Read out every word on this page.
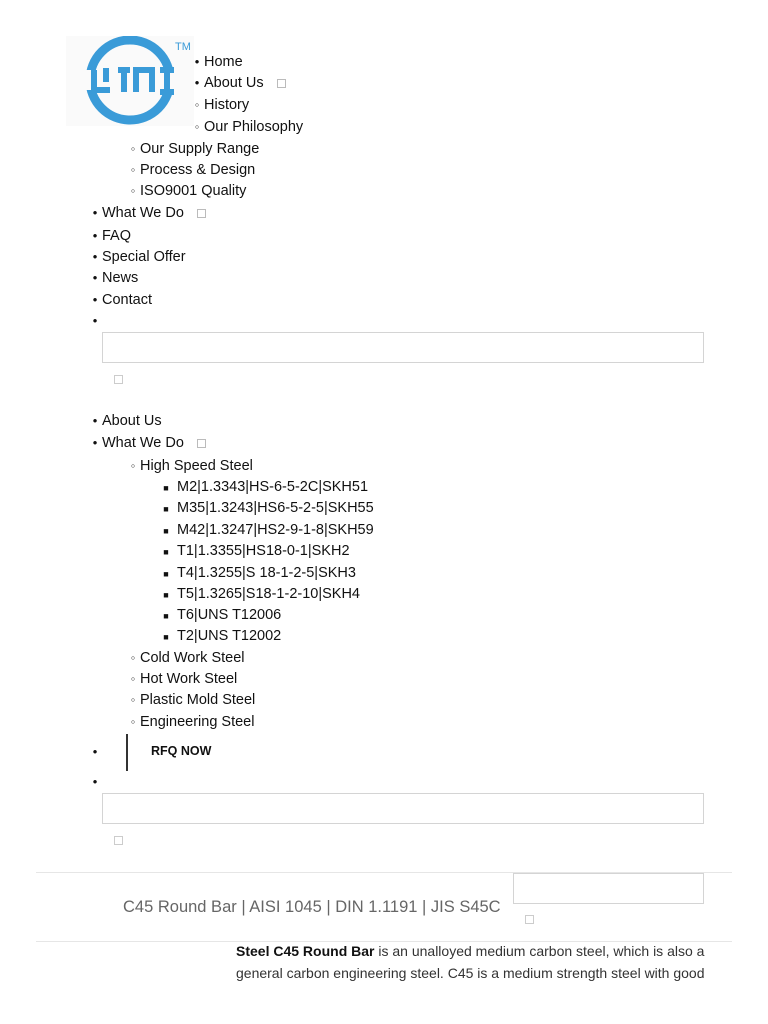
TM
•
Home
•
About Us
◦
History
◦
Our Philosophy
◦
Our Supply Range
◦
Process & Design
◦
ISO9001 Quality
•
What We Do
•
FAQ
•
Special Offer
•
News
•
Contact
•
•
About Us
•
What We Do
◦
High Speed Steel
■
M2|1.3343|HS-6-5-2C|SKH51
■
M35|1.3243|HS6-5-2-5|SKH55
■
M42|1.3247|HS2-9-1-8|SKH59
■
T1|1.3355|HS18-0-1|SKH2
■
T4|1.3255|S 18-1-2-5|SKH3
■
T5|1.3265|S18-1-2-10|SKH4
■
T6|UNS T12006
■
T2|UNS T12002
◦
Cold Work Steel
◦
Hot Work Steel
◦
Plastic Mold Steel
◦
Engineering Steel
•
•
RFQ NOW
C45 Round Bar | AISI 1045 | DIN 1.1191 | JIS S45C
Steel C45 Round Bar is an unalloyed medium carbon steel, which is also a general carbon engineering steel. C45 is a medium strength steel with good
